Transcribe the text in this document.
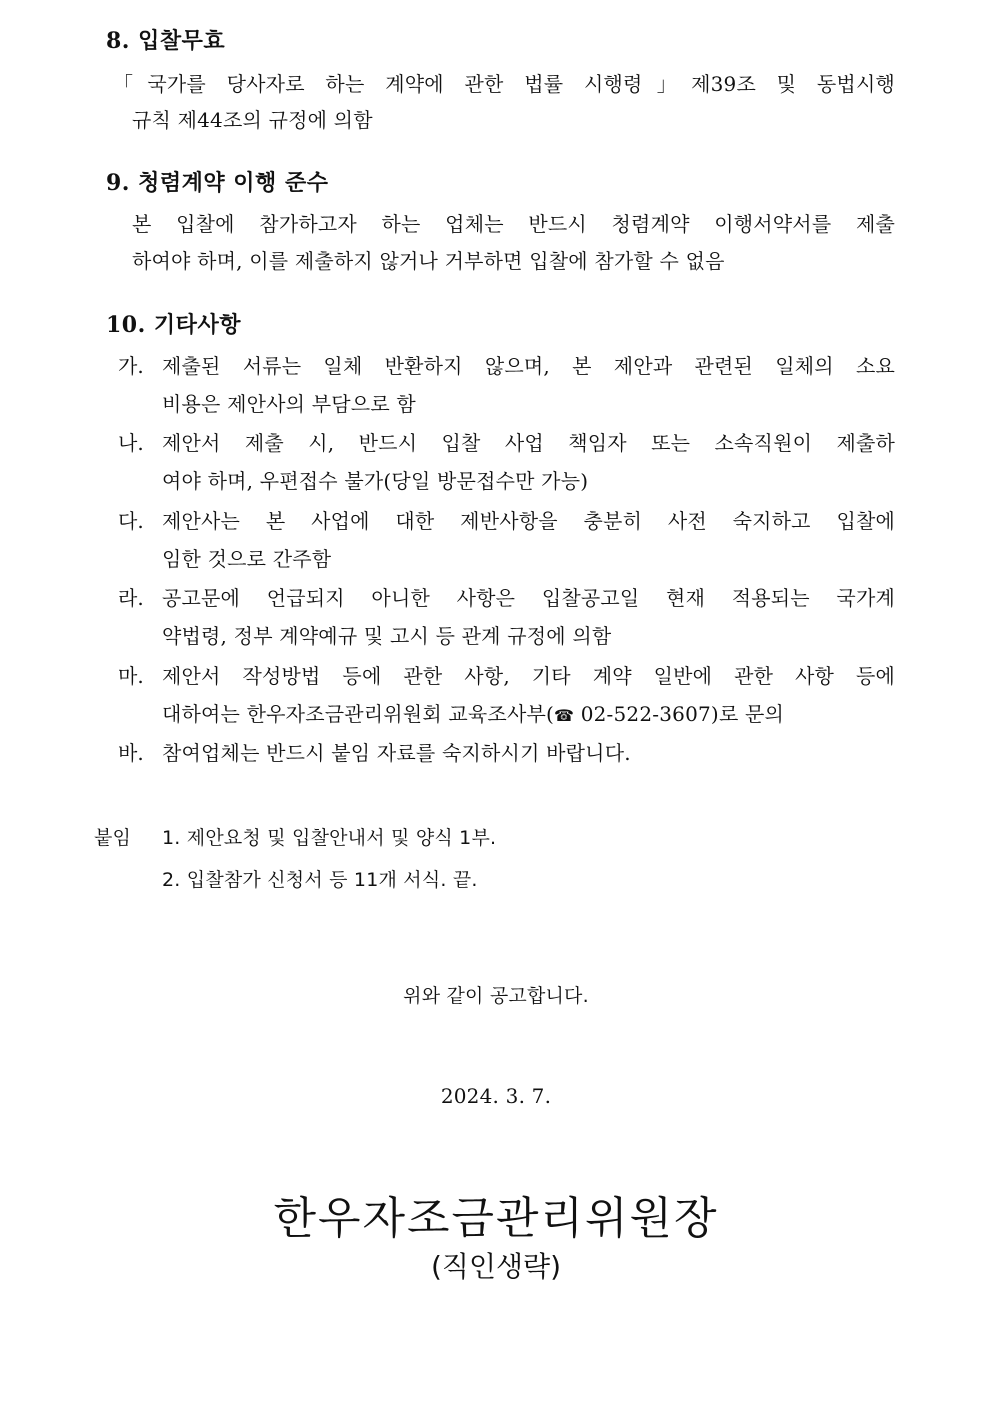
8. 입찰무효
「국가를 당사자로 하는 계약에 관한 법률 시행령」제39조 및 동법시행
규칙 제44조의 규정에 의함
9. 청렴계약 이행 준수
본 입찰에 참가하고자 하는 업체는 반드시 청렴계약 이행서약서를 제출
하여야 하며, 이를 제출하지 않거나 거부하면 입찰에 참가할 수 없음
10. 기타사항
가. 제출된 서류는 일체 반환하지 않으며, 본 제안과 관련된 일체의 소요
비용은 제안사의 부담으로 함
나. 제안서 제출 시, 반드시 입찰 사업 책임자 또는 소속직원이 제출하
여야 하며, 우편접수 불가(당일 방문접수만 가능)
다. 제안사는 본 사업에 대한 제반사항을 충분히 사전 숙지하고 입찰에
임한 것으로 간주함
라. 공고문에 언급되지 아니한 사항은 입찰공고일 현재 적용되는 국가계
약법령, 정부 계약예규 및 고시 등 관계 규정에 의함
마. 제안서 작성방법 등에 관한 사항, 기타 계약 일반에 관한 사항 등에
대하여는 한우자조금관리위원회 교육조사부(☎ 02-522-3607)로 문의
바. 참여업체는 반드시 붙임 자료를 숙지하시기 바랍니다.
붙임 1. 제안요청 및 입찰안내서 및 양식 1부.
2. 입찰참가 신청서 등 11개 서식. 끝.
위와 같이 공고합니다.
2024. 3. 7.
한우자조금관리위원장
(직인생략)
